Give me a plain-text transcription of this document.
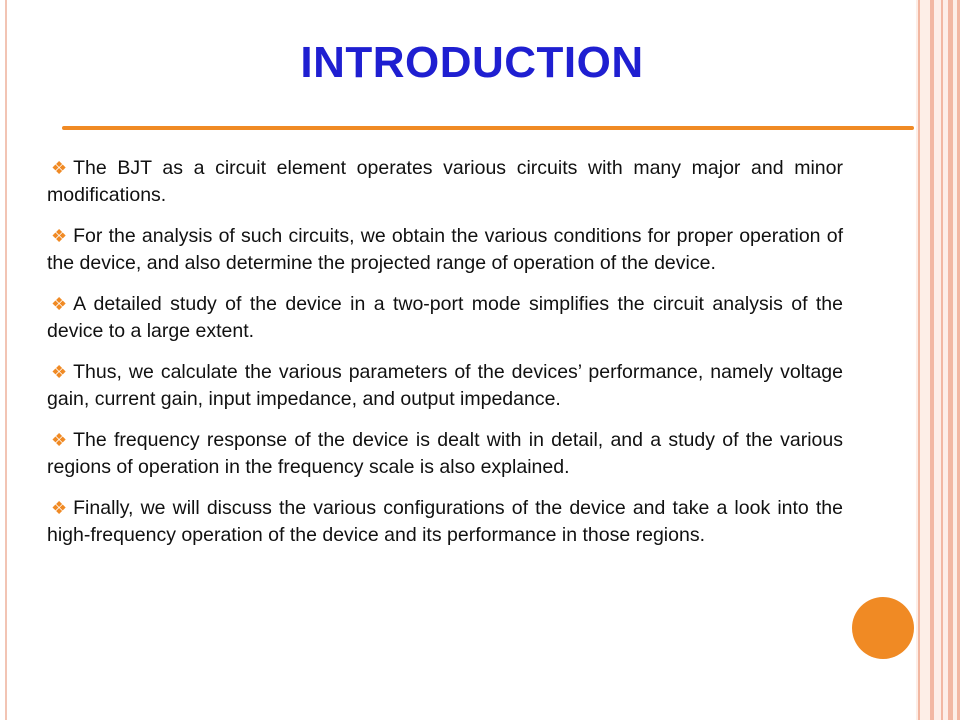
INTRODUCTION

❖ The BJT as a circuit element operates various circuits with many major and minor modifications.

❖ For the analysis of such circuits, we obtain the various conditions for proper operation of the device, and also determine the projected range of operation of the device.

❖ A detailed study of the device in a two-port mode simplifies the circuit analysis of the device to a large extent.

❖ Thus, we calculate the various parameters of the devices’ performance, namely voltage gain, current gain, input impedance, and output impedance.

❖ The frequency response of the device is dealt with in detail, and a study of the various regions of operation in the frequency scale is also explained.

❖ Finally, we will discuss the various configurations of the device and take a look into the high-frequency operation of the device and its performance in those regions.
